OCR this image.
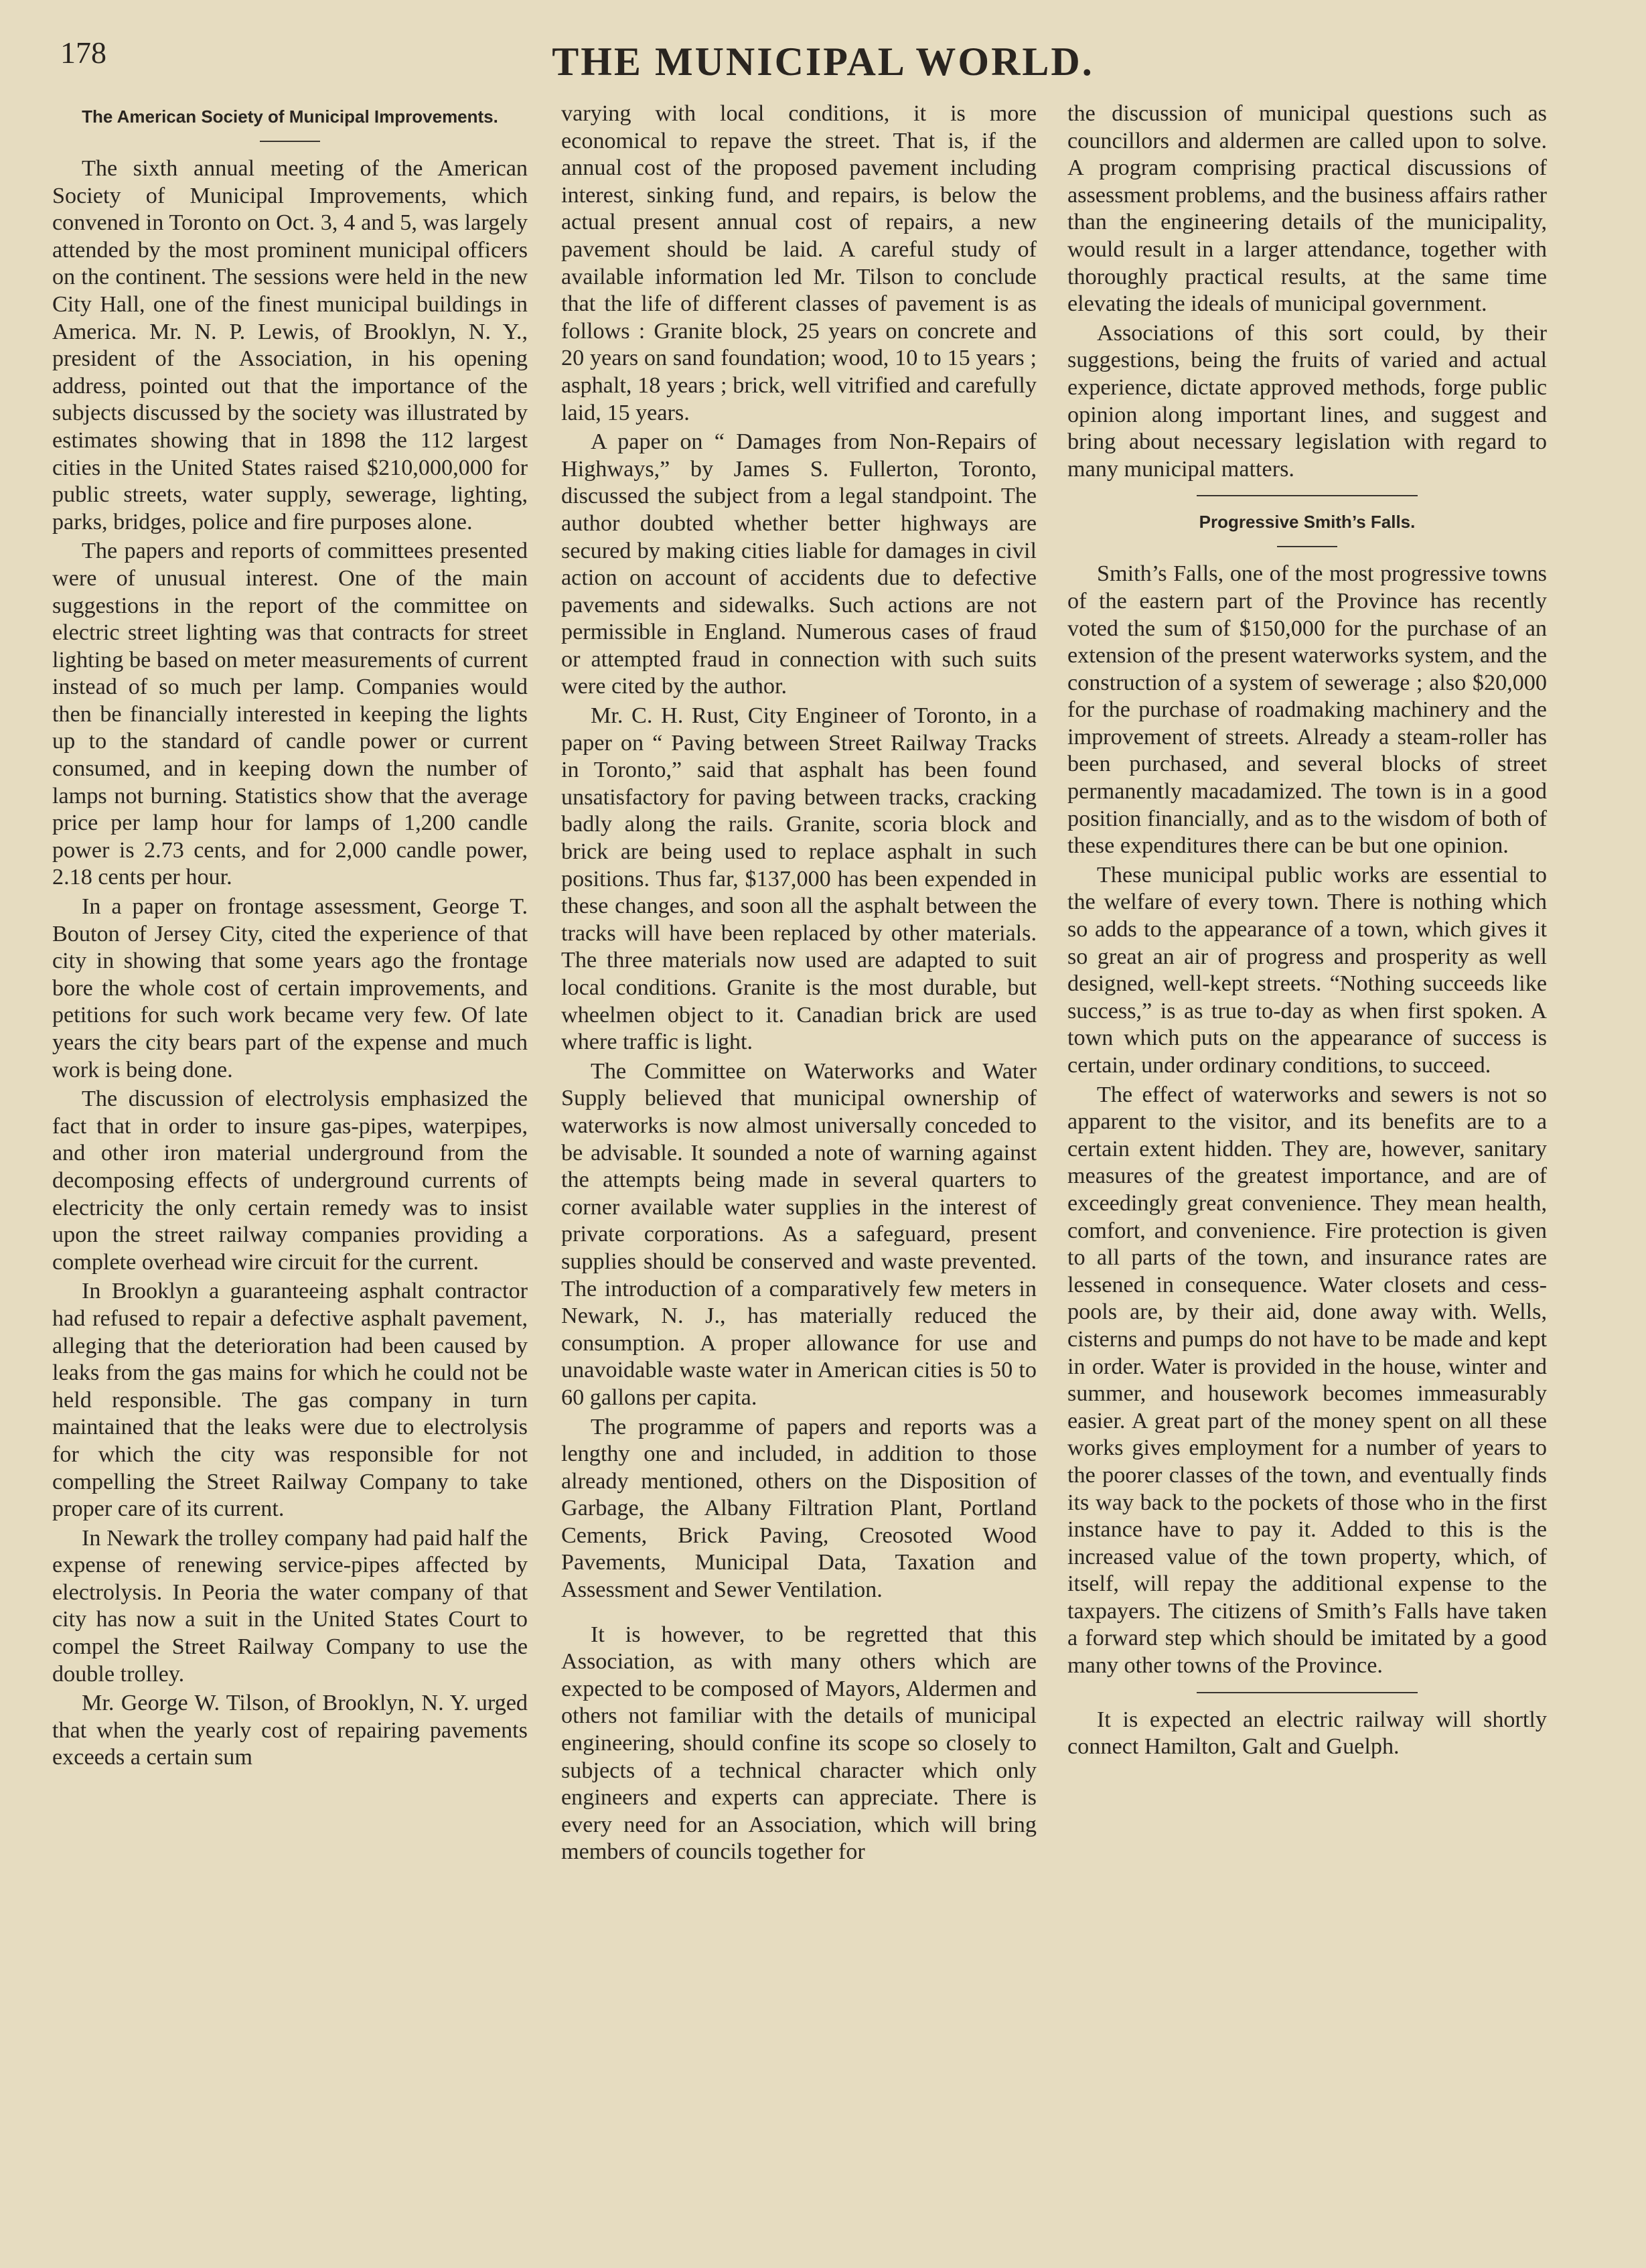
178	THE MUNICIPAL WORLD.

The American Society of Municipal Improvements.

The sixth annual meeting of the American Society of Municipal Improvements, which convened in Toronto on Oct. 3, 4 and 5, was largely attended by the most prominent municipal officers on the continent. The sessions were held in the new City Hall, one of the finest municipal buildings in America. Mr. N. P. Lewis, of Brooklyn, N. Y., president of the Association, in his opening address, pointed out that the importance of the subjects discussed by the society was illustrated by estimates showing that in 1898 the 112 largest cities in the United States raised $210,000,000 for public streets, water supply, sewerage, lighting, parks, bridges, police and fire purposes alone.

The papers and reports of committees presented were of unusual interest. One of the main suggestions in the report of the committee on electric street lighting was that contracts for street lighting be based on meter measurements of current instead of so much per lamp. Companies would then be financially interested in keeping the lights up to the standard of candle power or current consumed, and in keeping down the number of lamps not burning. Statistics show that the average price per lamp hour for lamps of 1,200 candle power is 2.73 cents, and for 2,000 candle power, 2.18 cents per hour.

In a paper on frontage assessment, George T. Bouton of Jersey City, cited the experience of that city in showing that some years ago the frontage bore the whole cost of certain improvements, and petitions for such work became very few. Of late years the city bears part of the expense and much work is being done.

The discussion of electrolysis emphasized the fact that in order to insure gas-pipes, waterpipes, and other iron material underground from the decomposing effects of underground currents of electricity the only certain remedy was to insist upon the street railway companies providing a complete overhead wire circuit for the current.

In Brooklyn a guaranteeing asphalt contractor had refused to repair a defective asphalt pavement, alleging that the deterioration had been caused by leaks from the gas mains for which he could not be held responsible. The gas company in turn maintained that the leaks were due to electrolysis for which the city was responsible for not compelling the Street Railway Company to take proper care of its current.

In Newark the trolley company had paid half the expense of renewing service-pipes affected by electrolysis. In Peoria the water company of that city has now a suit in the United States Court to compel the Street Railway Company to use the double trolley.

Mr. George W. Tilson, of Brooklyn, N. Y. urged that when the yearly cost of repairing pavements exceeds a certain sum

varying with local conditions, it is more economical to repave the street. That is, if the annual cost of the proposed pavement including interest, sinking fund, and repairs, is below the actual present annual cost of repairs, a new pavement should be laid. A careful study of available information led Mr. Tilson to conclude that the life of different classes of pavement is as follows : Granite block, 25 years on concrete and 20 years on sand foundation; wood, 10 to 15 years ; asphalt, 18 years ; brick, well vitrified and carefully laid, 15 years.

A paper on “ Damages from Non-Repairs of Highways,” by James S. Fullerton, Toronto, discussed the subject from a legal standpoint. The author doubted whether better highways are secured by making cities liable for damages in civil action on account of accidents due to defective pavements and sidewalks. Such actions are not permissible in England. Numerous cases of fraud or attempted fraud in connection with such suits were cited by the author.

Mr. C. H. Rust, City Engineer of Toronto, in a paper on “ Paving between Street Railway Tracks in Toronto,” said that asphalt has been found unsatisfactory for paving between tracks, cracking badly along the rails. Granite, scoria block and brick are being used to replace asphalt in such positions. Thus far, $137,000 has been expended in these changes, and soon all the asphalt between the tracks will have been replaced by other materials. The three materials now used are adapted to suit local conditions. Granite is the most durable, but wheelmen object to it. Canadian brick are used where traffic is light.

The Committee on Waterworks and Water Supply believed that municipal ownership of waterworks is now almost universally conceded to be advisable. It sounded a note of warning against the attempts being made in several quarters to corner available water supplies in the interest of private corporations. As a safeguard, present supplies should be conserved and waste prevented. The introduction of a comparatively few meters in Newark, N. J., has materially reduced the consumption. A proper allowance for use and unavoidable waste water in American cities is 50 to 60 gallons per capita.

The programme of papers and reports was a lengthy one and included, in addition to those already mentioned, others on the Disposition of Garbage, the Albany Filtration Plant, Portland Cements, Brick Paving, Creosoted Wood Pavements, Municipal Data, Taxation and Assessment and Sewer Ventilation.

It is however, to be regretted that this Association, as with many others which are expected to be composed of Mayors, Aldermen and others not familiar with the details of municipal engineering, should confine its scope so closely to subjects of a technical character which only engineers and experts can appreciate. There is every need for an Association, which will bring members of councils together for

the discussion of municipal questions such as councillors and aldermen are called upon to solve. A program comprising practical discussions of assessment problems, and the business affairs rather than the engineering details of the municipality, would result in a larger attendance, together with thoroughly practical results, at the same time elevating the ideals of municipal government.

Associations of this sort could, by their suggestions, being the fruits of varied and actual experience, dictate approved methods, forge public opinion along important lines, and suggest and bring about necessary legislation with regard to many municipal matters.

Progressive Smith’s Falls.

Smith’s Falls, one of the most progressive towns of the eastern part of the Province has recently voted the sum of $150,000 for the purchase of an extension of the present waterworks system, and the construction of a system of sewerage ; also $20,000 for the purchase of roadmaking machinery and the improvement of streets. Already a steam-roller has been purchased, and several blocks of street permanently macadamized. The town is in a good position financially, and as to the wisdom of both of these expenditures there can be but one opinion.

These municipal public works are essential to the welfare of every town. There is nothing which so adds to the appearance of a town, which gives it so great an air of progress and prosperity as well designed, well-kept streets. “Nothing succeeds like success,” is as true to-day as when first spoken. A town which puts on the appearance of success is certain, under ordinary conditions, to succeed.

The effect of waterworks and sewers is not so apparent to the visitor, and its benefits are to a certain extent hidden. They are, however, sanitary measures of the greatest importance, and are of exceedingly great convenience. They mean health, comfort, and convenience. Fire protection is given to all parts of the town, and insurance rates are lessened in consequence. Water closets and cess-pools are, by their aid, done away with. Wells, cisterns and pumps do not have to be made and kept in order. Water is provided in the house, winter and summer, and housework becomes immeasurably easier. A great part of the money spent on all these works gives employment for a number of years to the poorer classes of the town, and eventually finds its way back to the pockets of those who in the first instance have to pay it. Added to this is the increased value of the town property, which, of itself, will repay the additional expense to the taxpayers. The citizens of Smith’s Falls have taken a forward step which should be imitated by a good many other towns of the Province.

It is expected an electric railway will shortly connect Hamilton, Galt and Guelph.
